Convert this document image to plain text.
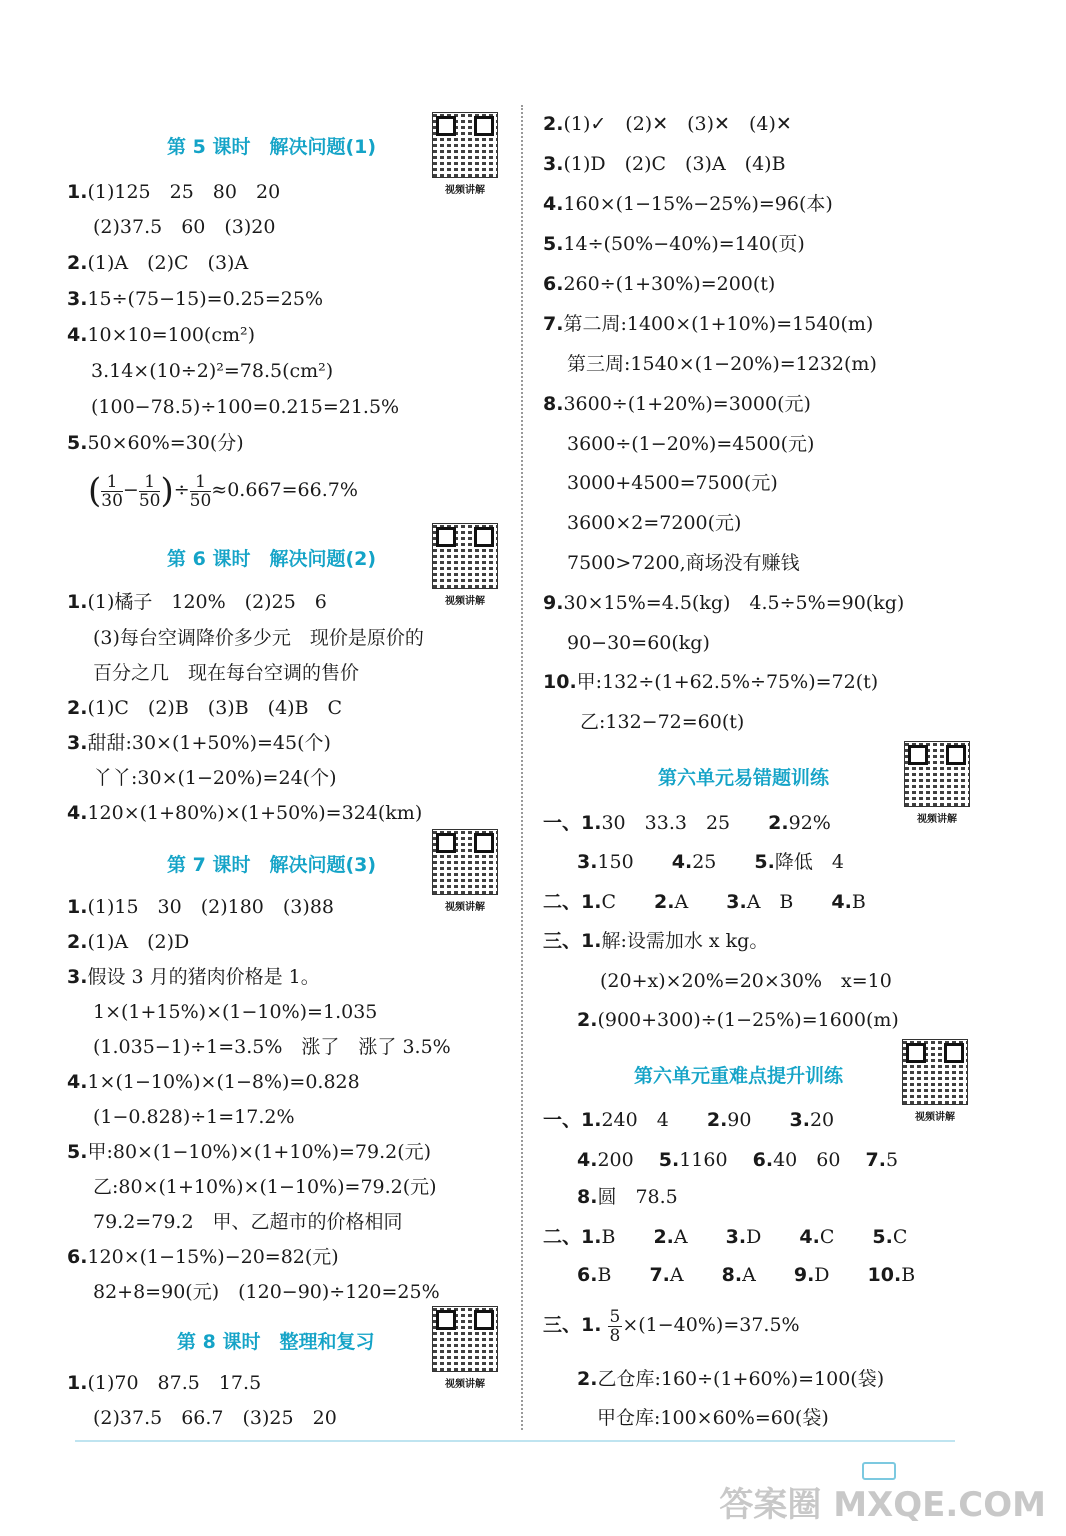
第 5 课时　解决问题(1)
视频讲解
1.(1)125　25　80　20
(2)37.5　60　(3)20
2.(1)A　(2)C　(3)A
3.15÷(75−15)=0.25=25%
4.10×10=100(cm²)
3.14×(10÷2)²=78.5(cm²)
(100−78.5)÷100=0.215=21.5%
5.50×60%=30(分)
( $\frac{1}{30} - \frac{1}{50}$ )÷ $\frac{1}{50} \approx 0.667=66.7\%$
第 6 课时　解决问题(2)
视频讲解
1.(1)橘子　120%　(2)25　6
(3)每台空调降价多少元　现价是原价的
百分之几　现在每台空调的售价
2.(1)C　(2)B　(3)B　(4)B　C
3.甜甜:30×(1+50%)=45(个)
丫丫:30×(1−20%)=24(个)
4.120×(1+80%)×(1+50%)=324(km)
第 7 课时　解决问题(3)
视频讲解
1.(1)15　30　(2)180　(3)88
2.(1)A　(2)D
3.假设 3 月的猪肉价格是 1。
1×(1+15%)×(1−10%)=1.035
(1.035−1)÷1=3.5%　涨了　涨了 3.5%
4.1×(1−10%)×(1−8%)=0.828
(1−0.828)÷1=17.2%
5.甲:80×(1−10%)×(1+10%)=79.2(元)
乙:80×(1+10%)×(1−10%)=79.2(元)
79.2=79.2　甲、乙超市的价格相同
6.120×(1−15%)−20=82(元)
82+8=90(元)　(120−90)÷120=25%
第 8 课时　整理和复习
视频讲解
1.(1)70　87.5　17.5
(2)37.5　66.7　(3)25　20
2.(1)✓　(2)✕　(3)✕　(4)✕
3.(1)D　(2)C　(3)A　(4)B
4.160×(1−15%−25%)=96(本)
5.14÷(50%−40%)=140(页)
6.260÷(1+30%)=200(t)
7.第二周:1400×(1+10%)=1540(m)
第三周:1540×(1−20%)=1232(m)
8.3600÷(1+20%)=3000(元)
3600÷(1−20%)=4500(元)
3000+4500=7500(元)
3600×2=7200(元)
7500>7200,商场没有赚钱
9.30×15%=4.5(kg)　4.5÷5%=90(kg)
90−30=60(kg)
10.甲:132÷(1+62.5%÷75%)=72(t)
乙:132−72=60(t)
第六单元易错题训练
视频讲解
一、1.30　33.3　25　　 2.92%
3.150　　 4.25　　 5.降低　4
二、1.C　　 2.A　　 3.A　B　　 4.B
三、1.解:设需加水 x kg。
(20+x)×20%=20×30%　x=10
2.(900+300)÷(1−25%)=1600(m)
第六单元重难点提升训练
视频讲解
一、1.240　4　　 2.90　　 3.20
4.200　 5.1160　 6.40　60　 7.5
8.圆　78.5
二、1.B　　 2.A　　 3.D　　 4.C　　 5.C
6.B　　 7.A　　 8.A　　 9.D　　 10.B
三、1. $\frac{5}{8} \times(1-40\%)=37.5\%$
2.乙仓库:160÷(1+60%)=100(袋)
甲仓库:100×60%=60(袋)
答案圈 MXQE.COM
